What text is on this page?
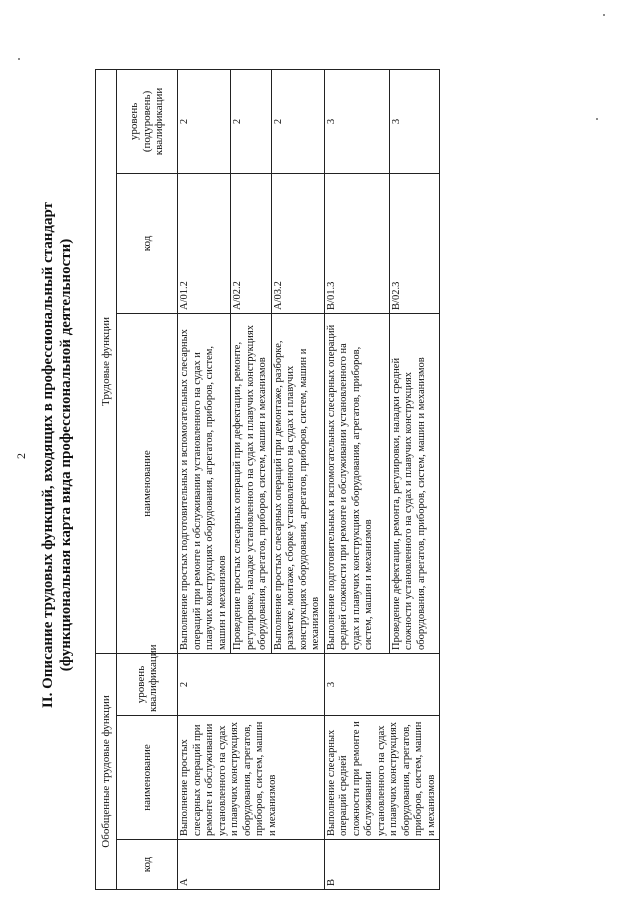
2 II. Описание трудовых функций, входящих в профессиональный стандарт (функциональная карта вида профессиональной деятельности)
Обобщенные трудовые функции			Трудовые функции		
код	наименование	уровень квалификации	наименование	код	уровень (подуровень) квалификации
A	Выполнение простых слесарных операций при ремонте и обслуживании установленного на судах и плавучих конструкциях оборудования, агрегатов, приборов, систем, машин и механизмов	2	Выполнение простых подготовительных и вспомогательных слесарных операций при ремонте и обслуживании установленного на судах и плавучих конструкциях оборудования, агрегатов, приборов, систем, машин и механизмов	A/01.2	2
			Проведение простых слесарных операций при дефектации, ремонте, регулировке, наладке установленного на судах и плавучих конструкциях оборудования, агрегатов, приборов, систем, машин и механизмов	A/02.2	2
			Выполнение простых слесарных операций при демонтаже, разборке, разметке, монтаже, сборке установленного на судах и плавучих конструкциях оборудования, агрегатов, приборов, систем, машин и механизмов	A/03.2	2
B	Выполнение слесарных операций средней сложности при ремонте и обслуживании установленного на судах и плавучих конструкциях оборудования, агрегатов, приборов, систем, машин и механизмов	3	Выполнение подготовительных и вспомогательных слесарных операций средней сложности при ремонте и обслуживании установленного на судах и плавучих конструкциях оборудования, агрегатов, приборов, систем, машин и механизмов	B/01.3	3
			Проведение дефектации, ремонта, регулировки, наладки средней сложности установленного на судах и плавучих конструкциях оборудования, агрегатов, приборов, систем, машин и механизмов	B/02.3	3
